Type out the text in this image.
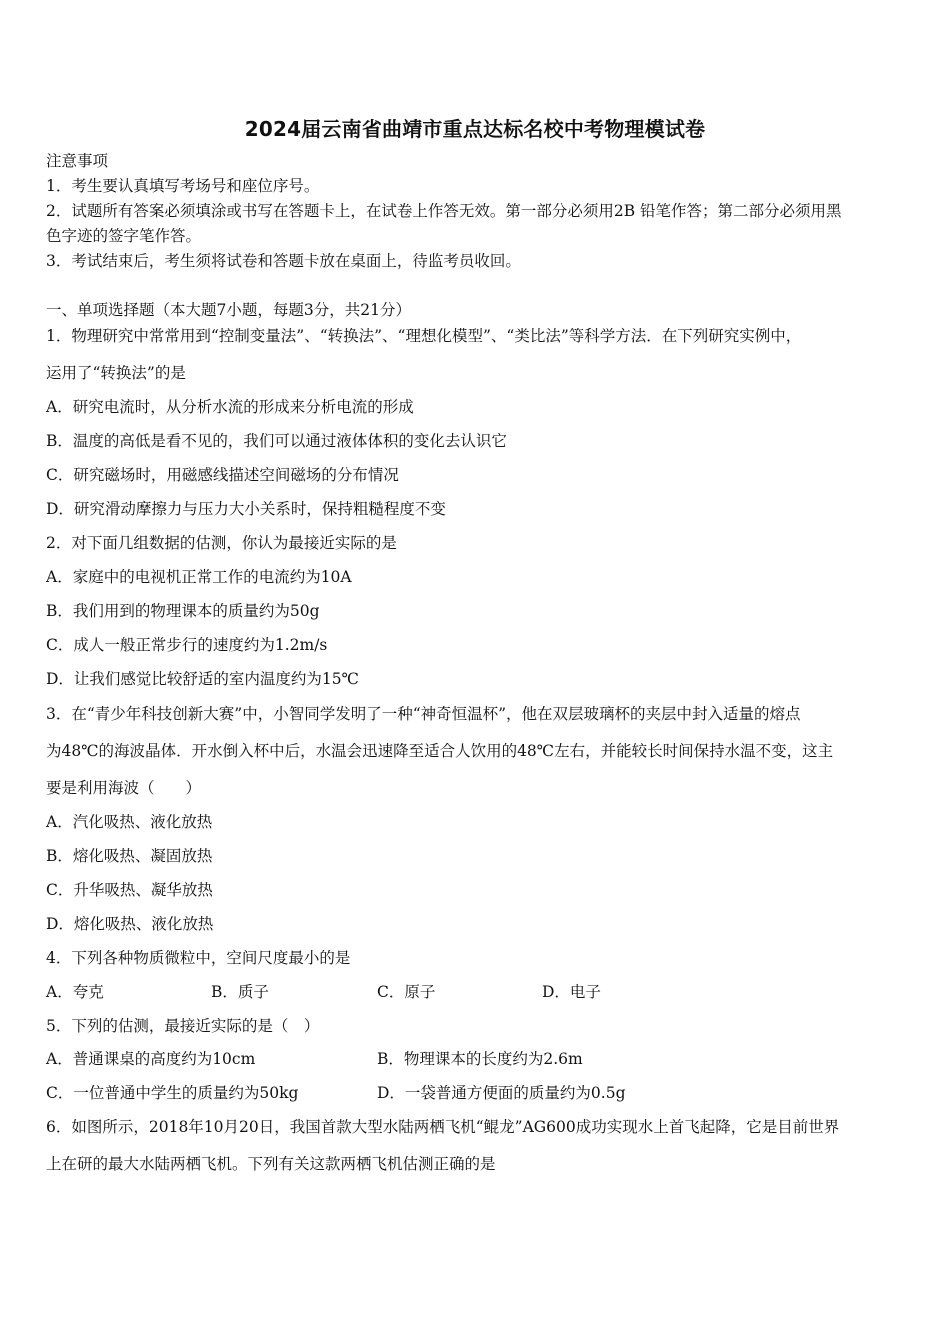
2024届云南省曲靖市重点达标名校中考物理模试卷
注意事项
1．考生要认真填写考场号和座位序号。
2．试题所有答案必须填涂或书写在答题卡上，在试卷上作答无效。第一部分必须用2B 铅笔作答；第二部分必须用黑
色字迹的签字笔作答。
3．考试结束后，考生须将试卷和答题卡放在桌面上，待监考员收回。
一、单项选择题（本大题7小题，每题3分，共21分）
1．物理研究中常常用到“控制变量法”、“转换法”、“理想化模型”、“类比法”等科学方法．在下列研究实例中，
运用了“转换法”的是
A．研究电流时，从分析水流的形成来分析电流的形成
B．温度的高低是看不见的，我们可以通过液体体积的变化去认识它
C．研究磁场时，用磁感线描述空间磁场的分布情况
D．研究滑动摩擦力与压力大小关系时，保持粗糙程度不变
2．对下面几组数据的估测，你认为最接近实际的是
A．家庭中的电视机正常工作的电流约为10A
B．我们用到的物理课本的质量约为50g
C．成人一般正常步行的速度约为1.2m/s
D．让我们感觉比较舒适的室内温度约为15℃
3．在“青少年科技创新大赛”中，小智同学发明了一种“神奇恒温杯”，他在双层玻璃杯的夹层中封入适量的熔点
为48℃的海波晶体．开水倒入杯中后，水温会迅速降至适合人饮用的48℃左右，并能较长时间保持水温不变，这主
要是利用海波（　　）
A．汽化吸热、液化放热
B．熔化吸热、凝固放热
C．升华吸热、凝华放热
D．熔化吸热、液化放热
4．下列各种物质微粒中，空间尺度最小的是
A．夸克	B．质子	C．原子	D．电子
5．下列的估测，最接近实际的是（　）
A．普通课桌的高度约为10cm	B．物理课本的长度约为2.6m
C．一位普通中学生的质量约为50kg	D．一袋普通方便面的质量约为0.5g
6．如图所示，2018年10月20日，我国首款大型水陆两栖飞机“鲲龙”AG600成功实现水上首飞起降，它是目前世界
上在研的最大水陆两栖飞机。下列有关这款两栖飞机估测正确的是
